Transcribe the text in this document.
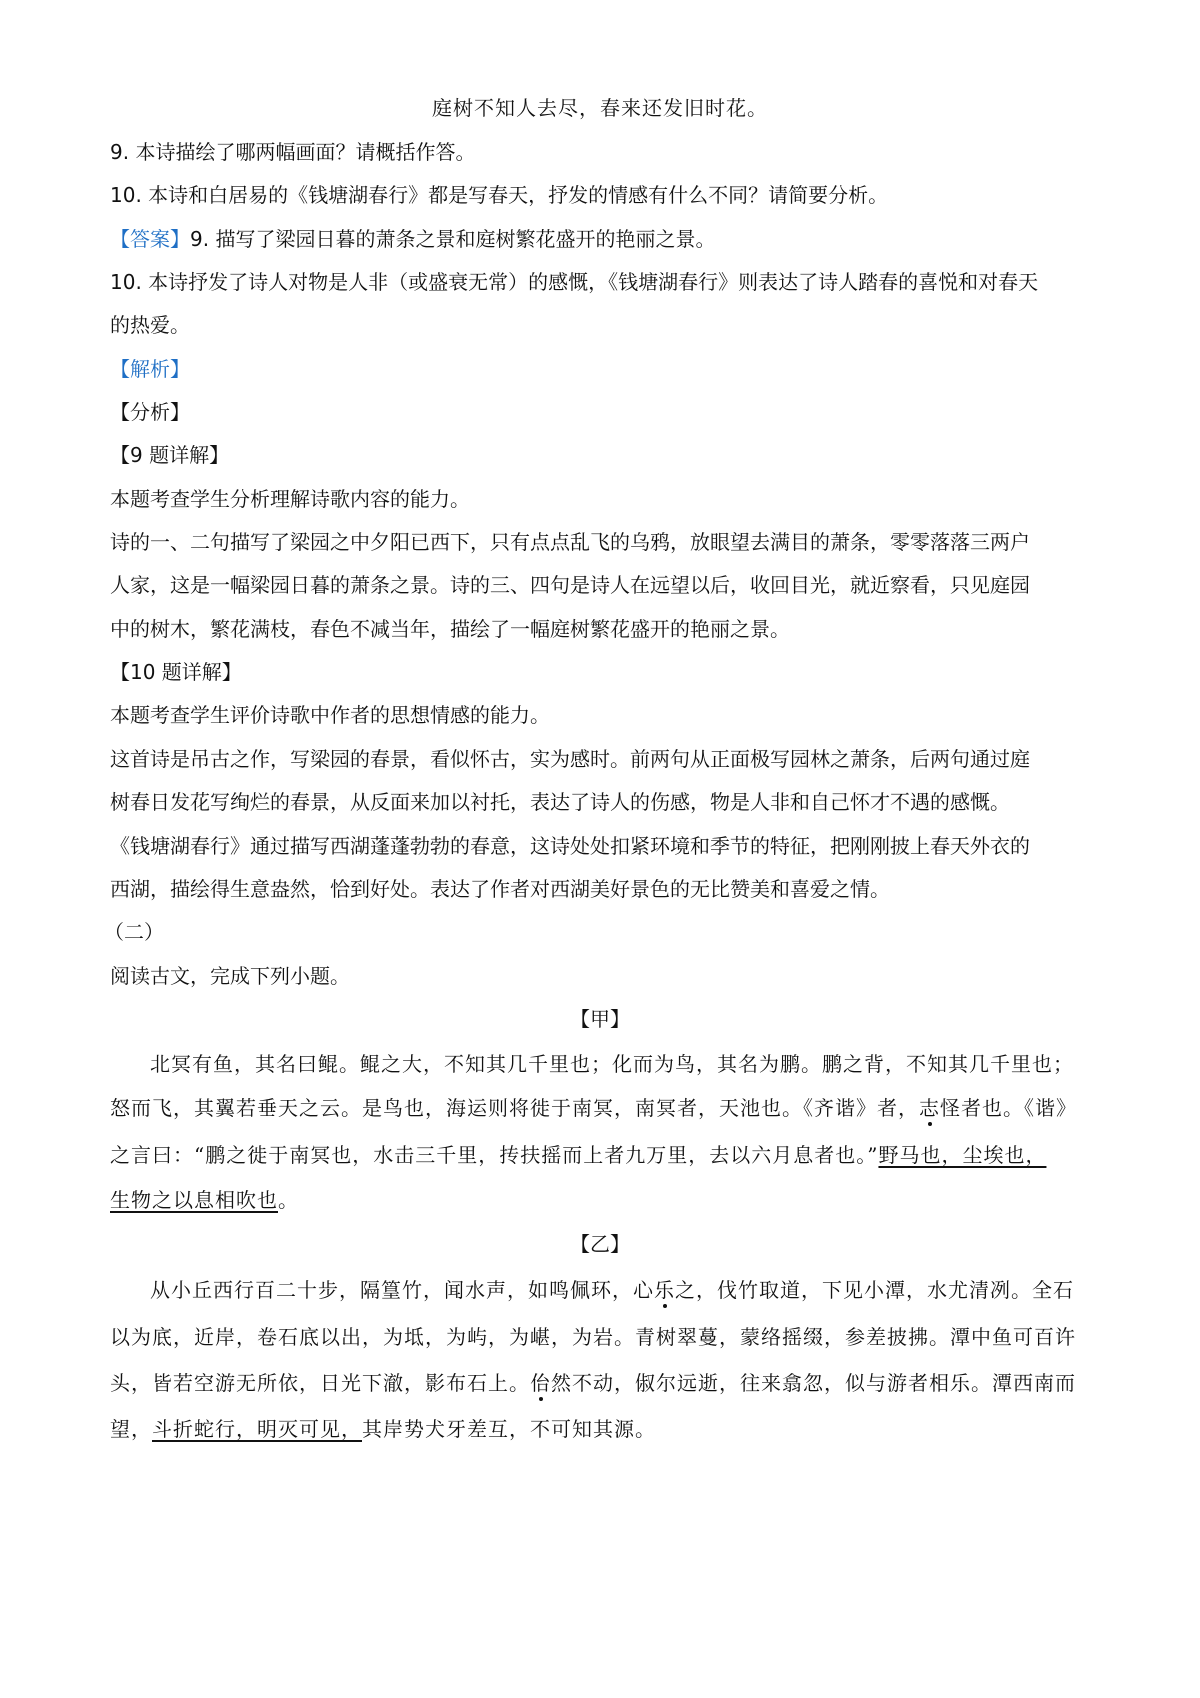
庭树不知人去尽，春来还发旧时花。
9. 本诗描绘了哪两幅画面？请概括作答。
10. 本诗和白居易的《钱塘湖春行》都是写春天，抒发的情感有什么不同？请简要分析。
【答案】9. 描写了梁园日暮的萧条之景和庭树繁花盛开的艳丽之景。
10. 本诗抒发了诗人对物是人非（或盛衰无常）的感慨，《钱塘湖春行》则表达了诗人踏春的喜悦和对春天
的热爱。
【解析】
【分析】
【9 题详解】
本题考查学生分析理解诗歌内容的能力。
诗的一、二句描写了梁园之中夕阳已西下，只有点点乱飞的乌鸦，放眼望去满目的萧条，零零落落三两户
人家，这是一幅梁园日暮的萧条之景。诗的三、四句是诗人在远望以后，收回目光，就近察看，只见庭园
中的树木，繁花满枝，春色不减当年，描绘了一幅庭树繁花盛开的艳丽之景。
【10 题详解】
本题考查学生评价诗歌中作者的思想情感的能力。
这首诗是吊古之作，写梁园的春景，看似怀古，实为感时。前两句从正面极写园林之萧条，后两句通过庭
树春日发花写绚烂的春景，从反面来加以衬托，表达了诗人的伤感，物是人非和自己怀才不遇的感慨。
《钱塘湖春行》通过描写西湖蓬蓬勃勃的春意，这诗处处扣紧环境和季节的特征，把刚刚披上春天外衣的
西湖，描绘得生意盎然，恰到好处。表达了作者对西湖美好景色的无比赞美和喜爱之情。
（二）
阅读古文，完成下列小题。
【甲】
北冥有鱼，其名曰鲲。鲲之大，不知其几千里也；化而为鸟，其名为鹏。鹏之背，不知其几千里也；
怒而飞，其翼若垂天之云。是鸟也，海运则将徙于南冥，南冥者，天池也。《齐谐》者，志怪者也。《谐》
之言曰：“鹏之徙于南冥也，水击三千里，抟扶摇而上者九万里，去以六月息者也。”野马也，尘埃也，
生物之以息相吹也。
【乙】
从小丘西行百二十步，隔篁竹，闻水声，如鸣佩环，心乐之，伐竹取道，下见小潭，水尤清冽。全石
以为底，近岸，卷石底以出，为坻，为屿，为嵁，为岩。青树翠蔓，蒙络摇缀，参差披拂。潭中鱼可百许
头，皆若空游无所依，日光下澈，影布石上。佁然不动，俶尔远逝，往来翕忽，似与游者相乐。潭西南而
望，斗折蛇行，明灭可见，其岸势犬牙差互，不可知其源。
